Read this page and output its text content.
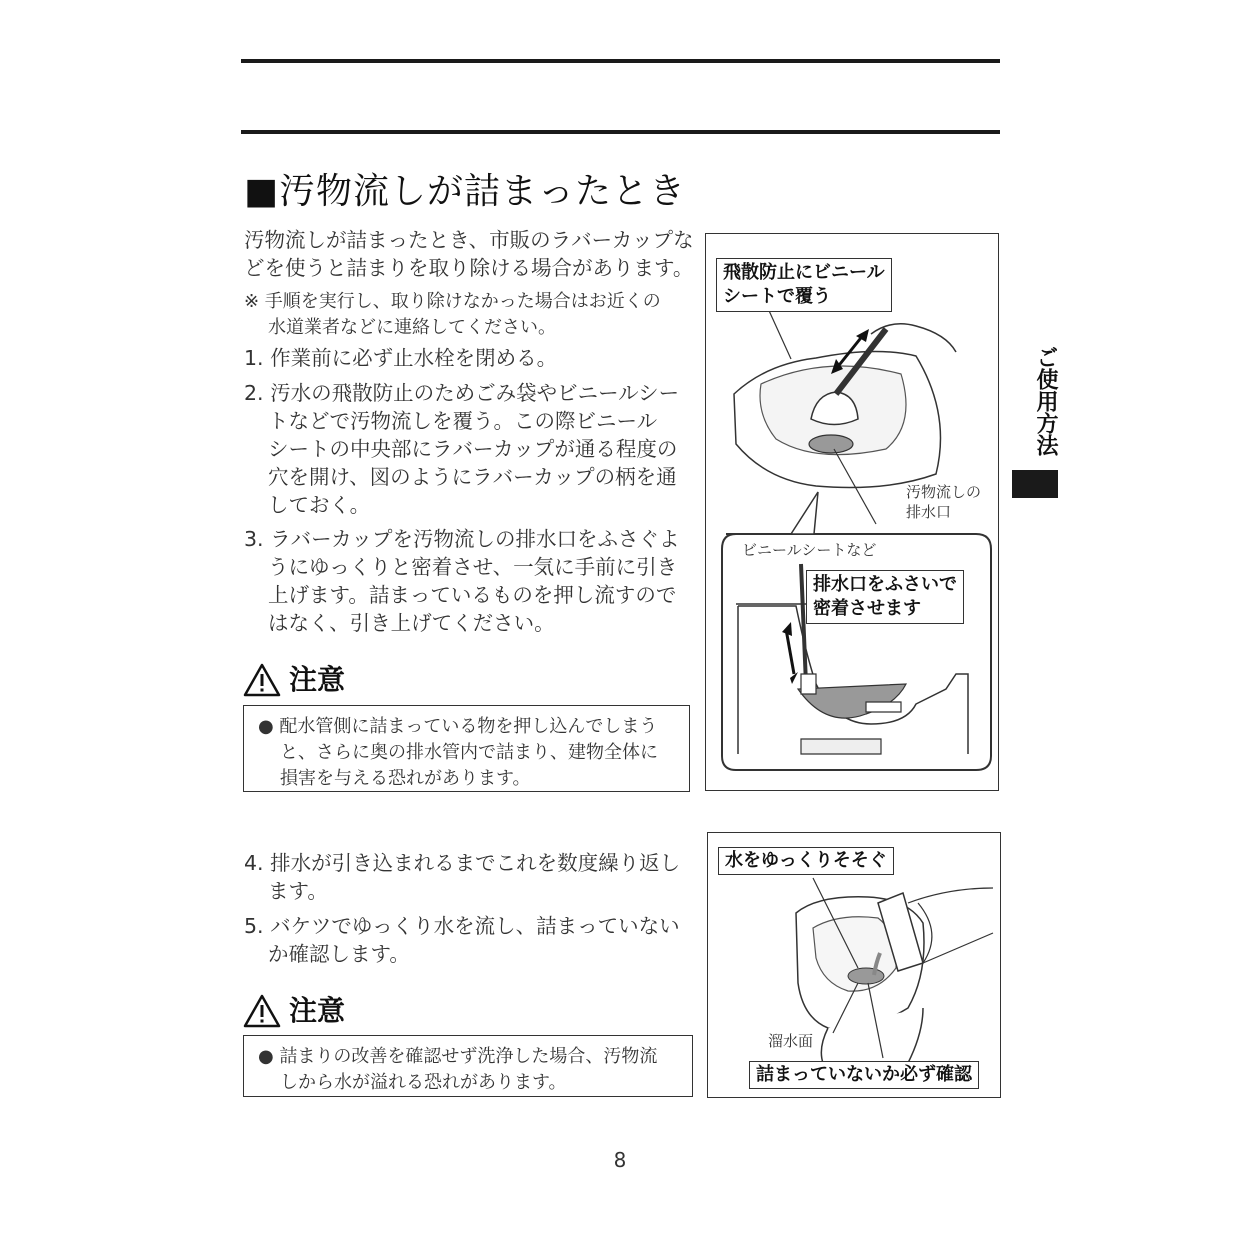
■汚物流しが詰まったとき
汚物流しが詰まったとき、市販のラバーカップな
どを使うと詰まりを取り除ける場合があります。
※ 手順を実行し、取り除けなかった場合はお近くの
水道業者などに連絡してください。
1. 作業前に必ず止水栓を閉める。
2. 汚水の飛散防止のためごみ袋やビニールシー
トなどで汚物流しを覆う。この際ビニール
シートの中央部にラバーカップが通る程度の
穴を開け、図のようにラバーカップの柄を通
しておく。
3. ラバーカップを汚物流しの排水口をふさぐよ
うにゆっくりと密着させ、一気に手前に引き
上げます。詰まっているものを押し流すので
はなく、引き上げてください。
注意
● 配水管側に詰まっている物を押し込んでしまう
と、さらに奥の排水管内で詰まり、建物全体に
損害を与える恐れがあります。
飛散防止にビニール
シートで覆う
汚物流しの
排水口
ビニールシートなど
排水口をふさいで
密着させます
4. 排水が引き込まれるまでこれを数度繰り返し
ます。
5. バケツでゆっくり水を流し、詰まっていない
か確認します。
注意
● 詰まりの改善を確認せず洗浄した場合、汚物流
しから水が溢れる恐れがあります。
水をゆっくりそそぐ
溜水面
詰まっていないか必ず確認
ご使用方法
8
